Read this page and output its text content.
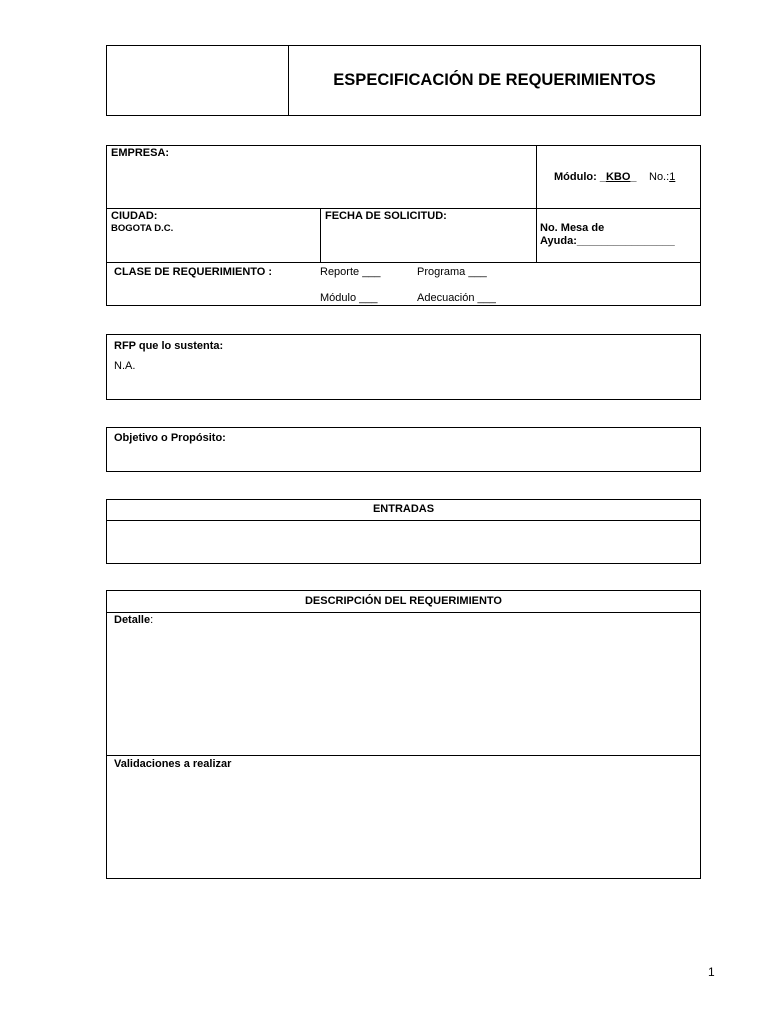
ESPECIFICACIÓN DE REQUERIMIENTOS
EMPRESA:
Módulo: _KBO_ No.:1
CIUDAD:
BOGOTA D.C.
FECHA DE SOLICITUD:
No. Mesa de
Ayuda:________________
CLASE DE REQUERIMIENTO :	Reporte ___	Programa ___
Módulo ___	Adecuación ___
RFP que lo sustenta:
N.A.
Objetivo o Propósito:
ENTRADAS
DESCRIPCIÓN DEL REQUERIMIENTO
Detalle:
Validaciones a realizar
1
